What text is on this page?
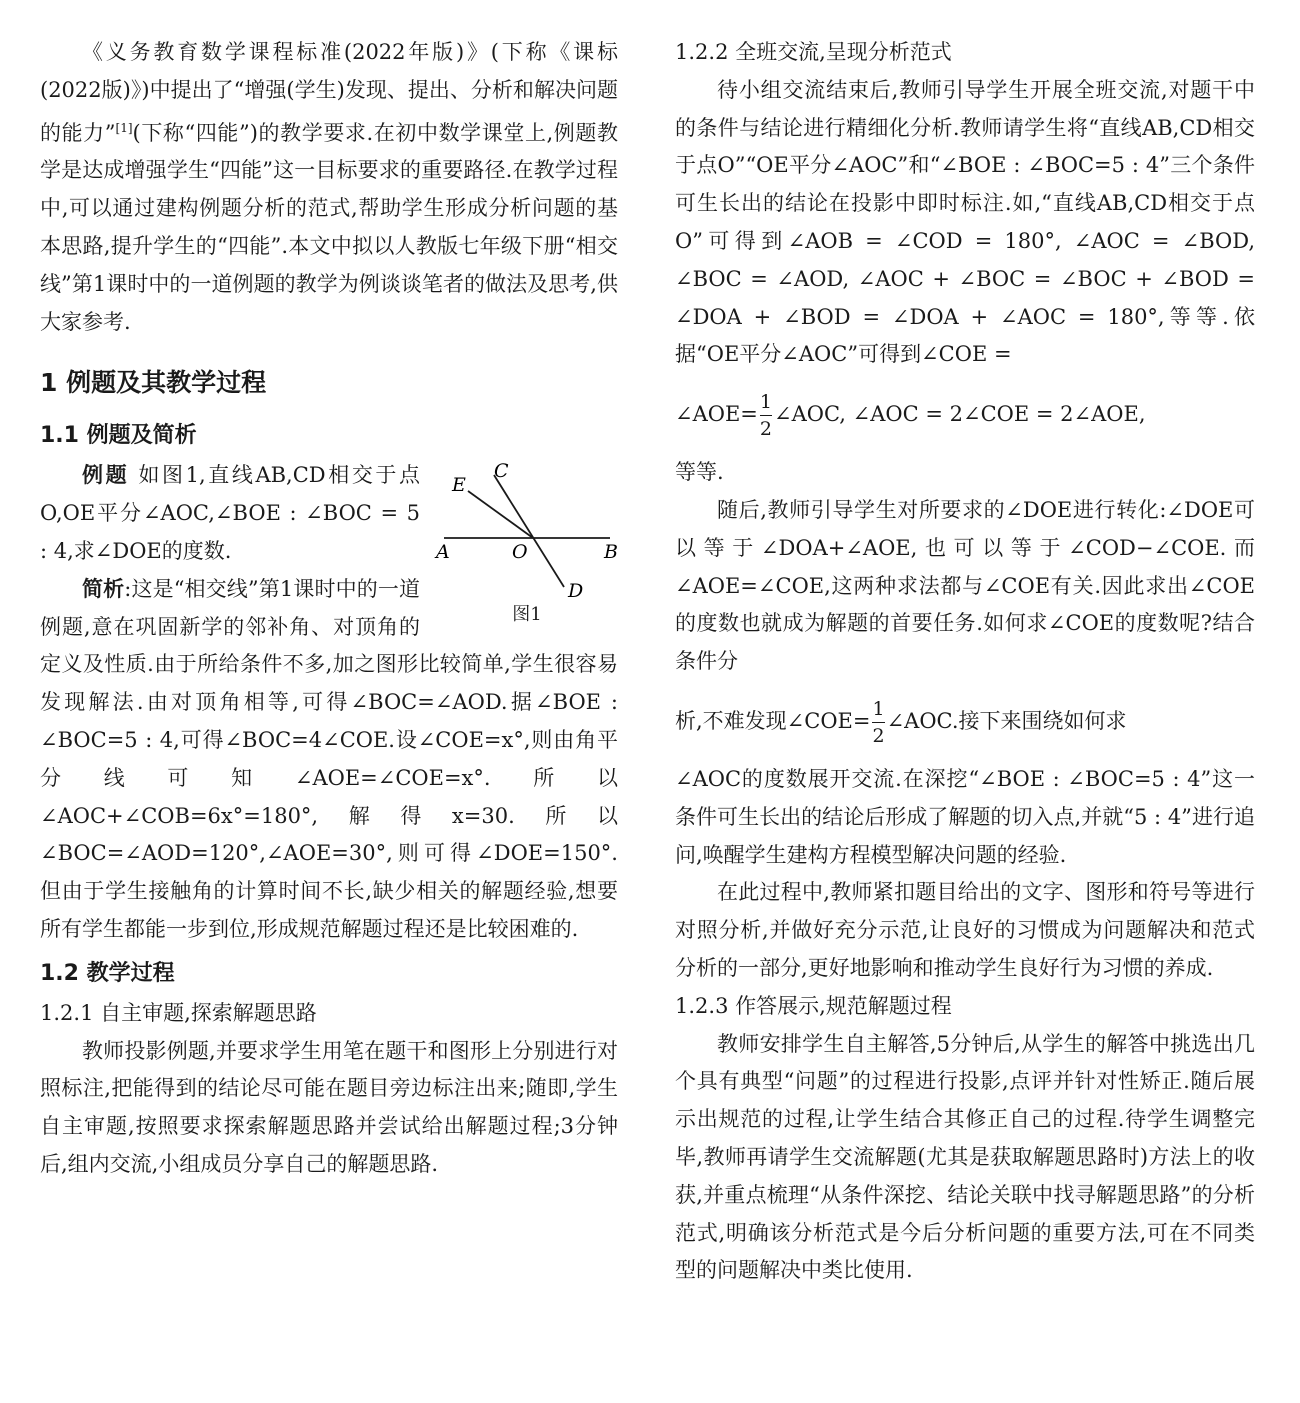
《义务教育数学课程标准(2022年版)》(下称《课标(2022版)》)中提出了“增强(学生)发现、提出、分析和解决问题的能力”[1](下称“四能”)的教学要求.在初中数学课堂上,例题教学是达成增强学生“四能”这一目标要求的重要路径.在教学过程中,可以通过建构例题分析的范式,帮助学生形成分析问题的基本思路,提升学生的“四能”.本文中拟以人教版七年级下册“相交线”第1课时中的一道例题的教学为例谈谈笔者的做法及思考,供大家参考.

1 例题及其教学过程
1.1 例题及简析
A	B
C
D
E
O
图1

例题 如图1,直线AB,CD相交于点O,OE平分∠AOC,∠BOE : ∠BOC = 5 : 4,求∠DOE的度数.

简析:这是“相交线”第1课时中的一道例题,意在巩固新学的邻补角、对顶角的定义及性质.由于所给条件不多,加之图形比较简单,学生很容易发现解法.由对顶角相等,可得∠BOC=∠AOD.据∠BOE : ∠BOC=5 : 4,可得∠BOC=4∠COE.设∠COE=x°,则由角平分线可知∠AOE=∠COE=x°.所以∠AOC+∠COB=6x°=180°,解得x=30.所以∠BOC=∠AOD=120°,∠AOE=30°,则可得∠DOE=150°.但由于学生接触角的计算时间不长,缺少相关的解题经验,想要所有学生都能一步到位,形成规范解题过程还是比较困难的.

1.2 教学过程
1.2.1 自主审题,探索解题思路

教师投影例题,并要求学生用笔在题干和图形上分别进行对照标注,把能得到的结论尽可能在题目旁边标注出来;随即,学生自主审题,按照要求探索解题思路并尝试给出解题过程;3分钟后,组内交流,小组成员分享自己的解题思路.

1.2.2 全班交流,呈现分析范式

待小组交流结束后,教师引导学生开展全班交流,对题干中的条件与结论进行精细化分析.教师请学生将“直线AB,CD相交于点O”“OE平分∠AOC”和“∠BOE : ∠BOC=5 : 4”三个条件可生长出的结论在投影中即时标注.如,“直线AB,CD相交于点O”可得到∠AOB = ∠COD = 180°, ∠AOC = ∠BOD, ∠BOC = ∠AOD, ∠AOC + ∠BOC = ∠BOC + ∠BOD = ∠DOA + ∠BOD = ∠DOA + ∠AOC = 180°,等等.依据“OE平分∠AOC”可得到∠COE =

∠AOE= $\frac{1}{2}$ ∠AOC, ∠AOC = 2∠COE = 2∠AOE,

等等.

随后,教师引导学生对所要求的∠DOE进行转化:∠DOE可以等于∠DOA+∠AOE,也可以等于∠COD−∠COE.而∠AOE=∠COE,这两种求法都与∠COE有关.因此求出∠COE的度数也就成为解题的首要任务.如何求∠COE的度数呢?结合条件分

析,不难发现∠COE= $\frac{1}{2}$ ∠AOC.接下来围绕如何求

∠AOC的度数展开交流.在深挖“∠BOE : ∠BOC=5 : 4”这一条件可生长出的结论后形成了解题的切入点,并就“5 : 4”进行追问,唤醒学生建构方程模型解决问题的经验.

在此过程中,教师紧扣题目给出的文字、图形和符号等进行对照分析,并做好充分示范,让良好的习惯成为问题解决和范式分析的一部分,更好地影响和推动学生良好行为习惯的养成.

1.2.3 作答展示,规范解题过程

教师安排学生自主解答,5分钟后,从学生的解答中挑选出几个具有典型“问题”的过程进行投影,点评并针对性矫正.随后展示出规范的过程,让学生结合其修正自己的过程.待学生调整完毕,教师再请学生交流解题(尤其是获取解题思路时)方法上的收获,并重点梳理“从条件深挖、结论关联中找寻解题思路”的分析范式,明确该分析范式是今后分析问题的重要方法,可在不同类型的问题解决中类比使用.
